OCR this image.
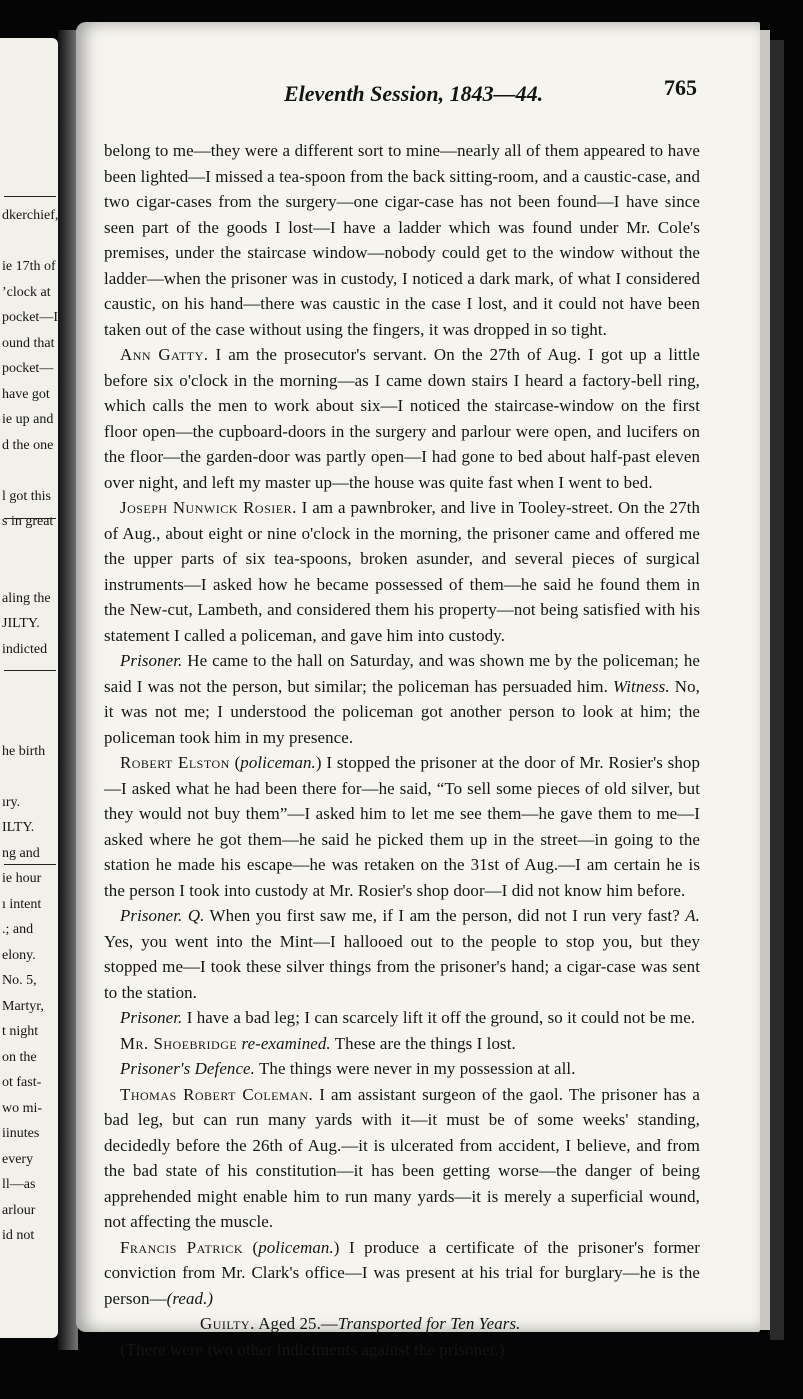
dkerchief,
ie 17th of
’clock at
pocket—I
ound that
pocket—
have got
ie up and
d the one
l got this
s in great
aling the
JILTY.
indicted
he birth
ıry.
ILTY.
ng and
ie hour
ı intent
.; and
elony.
No. 5,
Martyr,
t night
on the
ot fast-
wo mi-
iinutes
every
ll—as
arlour
id not
Eleventh Session, 1843—44.	765

belong to me—they were a different sort to mine—nearly all of them appeared to have been lighted—I missed a tea-spoon from the back sitting-room, and a caustic-case, and two cigar-cases from the surgery—one cigar-case has not been found—I have since seen part of the goods I lost—I have a ladder which was found under Mr. Cole's premises, under the staircase window—nobody could get to the window without the ladder—when the prisoner was in custody, I noticed a dark mark, of what I considered caustic, on his hand—there was caustic in the case I lost, and it could not have been taken out of the case without using the fingers, it was dropped in so tight.

Ann Gatty. I am the prosecutor's servant. On the 27th of Aug. I got up a little before six o'clock in the morning—as I came down stairs I heard a factory-bell ring, which calls the men to work about six—I noticed the staircase-window on the first floor open—the cupboard-doors in the surgery and parlour were open, and lucifers on the floor—the garden-door was partly open—I had gone to bed about half-past eleven over night, and left my master up—the house was quite fast when I went to bed.

Joseph Nunwick Rosier. I am a pawnbroker, and live in Tooley-street. On the 27th of Aug., about eight or nine o'clock in the morning, the prisoner came and offered me the upper parts of six tea-spoons, broken asunder, and several pieces of surgical instruments—I asked how he became possessed of them—he said he found them in the New-cut, Lambeth, and considered them his property—not being satisfied with his statement I called a policeman, and gave him into custody.

Prisoner. He came to the hall on Saturday, and was shown me by the policeman; he said I was not the person, but similar; the policeman has persuaded him. Witness. No, it was not me; I understood the policeman got another person to look at him; the policeman took him in my presence.

Robert Elston (policeman.) I stopped the prisoner at the door of Mr. Rosier's shop—I asked what he had been there for—he said, “To sell some pieces of old silver, but they would not buy them”—I asked him to let me see them—he gave them to me—I asked where he got them—he said he picked them up in the street—in going to the station he made his escape—he was retaken on the 31st of Aug.—I am certain he is the person I took into custody at Mr. Rosier's shop door—I did not know him before.

Prisoner. Q. When you first saw me, if I am the person, did not I run very fast? A. Yes, you went into the Mint—I hallooed out to the people to stop you, but they stopped me—I took these silver things from the prisoner's hand; a cigar-case was sent to the station.

Prisoner. I have a bad leg; I can scarcely lift it off the ground, so it could not be me.

Mr. Shoebridge re-examined. These are the things I lost.

Prisoner's Defence. The things were never in my possession at all.

Thomas Robert Coleman. I am assistant surgeon of the gaol. The prisoner has a bad leg, but can run many yards with it—it must be of some weeks' standing, decidedly before the 26th of Aug.—it is ulcerated from accident, I believe, and from the bad state of his constitution—it has been getting worse—the danger of being apprehended might enable him to run many yards—it is merely a superficial wound, not affecting the muscle.

Francis Patrick (policeman.) I produce a certificate of the prisoner's former conviction from Mr. Clark's office—I was present at his trial for burglary—he is the person—(read.)

Guilty. Aged 25.—Transported for Ten Years.

(There were two other indictments against the prisoner.)
